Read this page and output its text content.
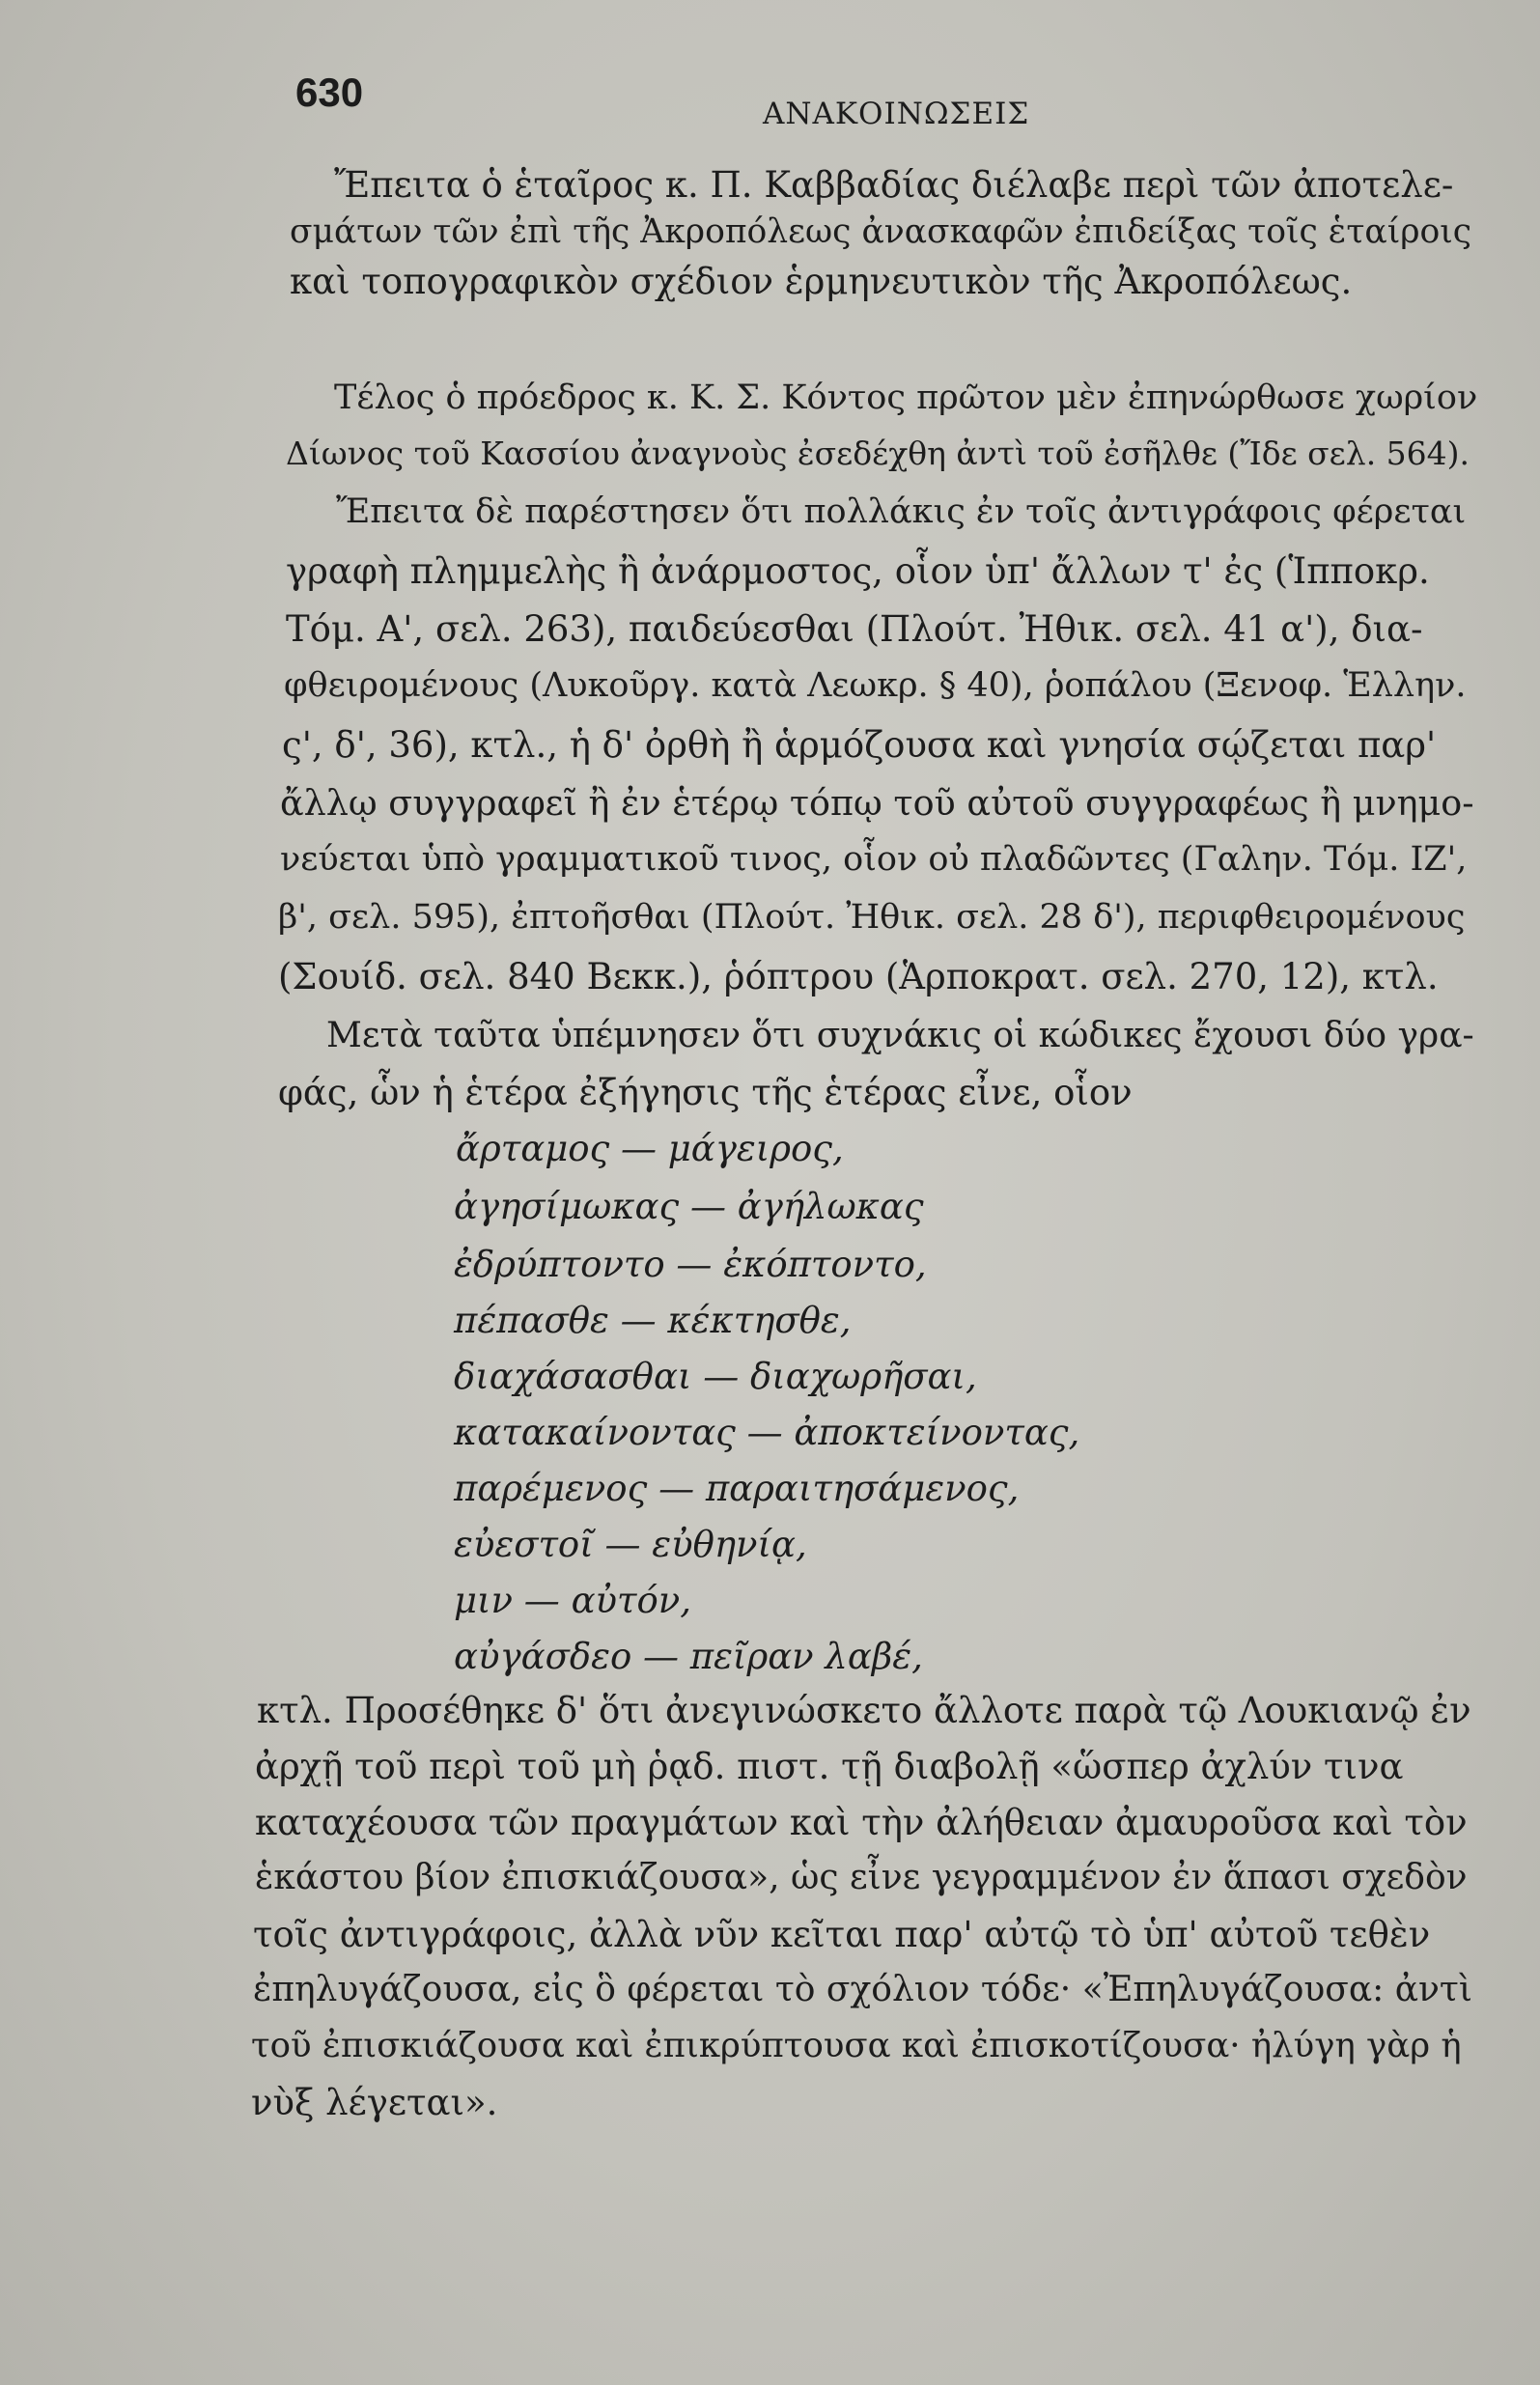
630	ΑΝΑΚΟΙΝΩΣΕΙΣ
Ἔπειτα ὁ ἑταῖρος κ. Π. Καββαδίας διέλαβε περὶ τῶν ἀποτελε-
σμάτων τῶν ἐπὶ τῆς Ἀκροπόλεως ἀνασκαφῶν ἐπιδείξας τοῖς ἑταίροις
καὶ τοπογραφικὸν σχέδιον ἑρμηνευτικὸν τῆς Ἀκροπόλεως.
Τέλος ὁ πρόεδρος κ. Κ. Σ. Κόντος πρῶτον μὲν ἐπηνώρθωσε χωρίον
Δίωνος τοῦ Κασσίου ἀναγνοὺς ἐσεδέχθη ἀντὶ τοῦ ἐσῆλθε (Ἴδε σελ. 564).
Ἔπειτα δὲ παρέστησεν ὅτι πολλάκις ἐν τοῖς ἀντιγράφοις φέρεται
γραφὴ πλημμελὴς ἢ ἀνάρμοστος, οἷον ὑπ' ἄλλων τ' ἐς (Ἱπποκρ.
Τόμ. Α', σελ. 263), παιδεύεσθαι (Πλούτ. Ἠθικ. σελ. 41 α'), δια-
φθειρομένους (Λυκοῦργ. κατὰ Λεωκρ. § 40), ῥοπάλου (Ξενοφ. Ἑλλην.
ς', δ', 36), κτλ., ἡ δ' ὀρθὴ ἢ ἁρμόζουσα καὶ γνησία σῴζεται παρ'
ἄλλῳ συγγραφεῖ ἢ ἐν ἑτέρῳ τόπῳ τοῦ αὐτοῦ συγγραφέως ἢ μνημο-
νεύεται ὑπὸ γραμματικοῦ τινος, οἷον οὐ πλαδῶντες (Γαλην. Τόμ. ΙΖ',
β', σελ. 595), ἐπτοῆσθαι (Πλούτ. Ἠθικ. σελ. 28 δ'), περιφθειρομένους
(Σουίδ. σελ. 840 Βεκκ.), ῥόπτρου (Ἁρποκρατ. σελ. 270, 12), κτλ.
Μετὰ ταῦτα ὑπέμνησεν ὅτι συχνάκις οἱ κώδικες ἔχουσι δύο γρα-
φάς, ὧν ἡ ἑτέρα ἐξήγησις τῆς ἑτέρας εἶνε, οἷον
ἄρταμος — μάγειρος,
ἀγησίμωκας — ἀγήλωκας
ἐδρύπτοντο — ἐκόπτοντο,
πέπασθε — κέκτησθε,
διαχάσασθαι — διαχωρῆσαι,
κατακαίνοντας — ἀποκτείνοντας,
παρέμενος — παραιτησάμενος,
εὐεστοῖ — εὐθηνίᾳ,
μιν — αὐτόν,
αὐγάσδεο — πεῖραν λαβέ,
κτλ. Προσέθηκε δ' ὅτι ἀνεγινώσκετο ἄλλοτε παρὰ τῷ Λουκιανῷ ἐν
ἀρχῇ τοῦ περὶ τοῦ μὴ ῥᾳδ. πιστ. τῇ διαβολῇ «ὥσπερ ἀχλύν τινα
καταχέουσα τῶν πραγμάτων καὶ τὴν ἀλήθειαν ἀμαυροῦσα καὶ τὸν
ἑκάστου βίον ἐπισκιάζουσα», ὡς εἶνε γεγραμμένον ἐν ἅπασι σχεδὸν
τοῖς ἀντιγράφοις, ἀλλὰ νῦν κεῖται παρ' αὐτῷ τὸ ὑπ' αὐτοῦ τεθὲν
ἐπηλυγάζουσα, εἰς ὃ φέρεται τὸ σχόλιον τόδε· «Ἐπηλυγάζουσα: ἀντὶ
τοῦ ἐπισκιάζουσα καὶ ἐπικρύπτουσα καὶ ἐπισκοτίζουσα· ἠλύγη γὰρ ἡ
νὺξ λέγεται».
